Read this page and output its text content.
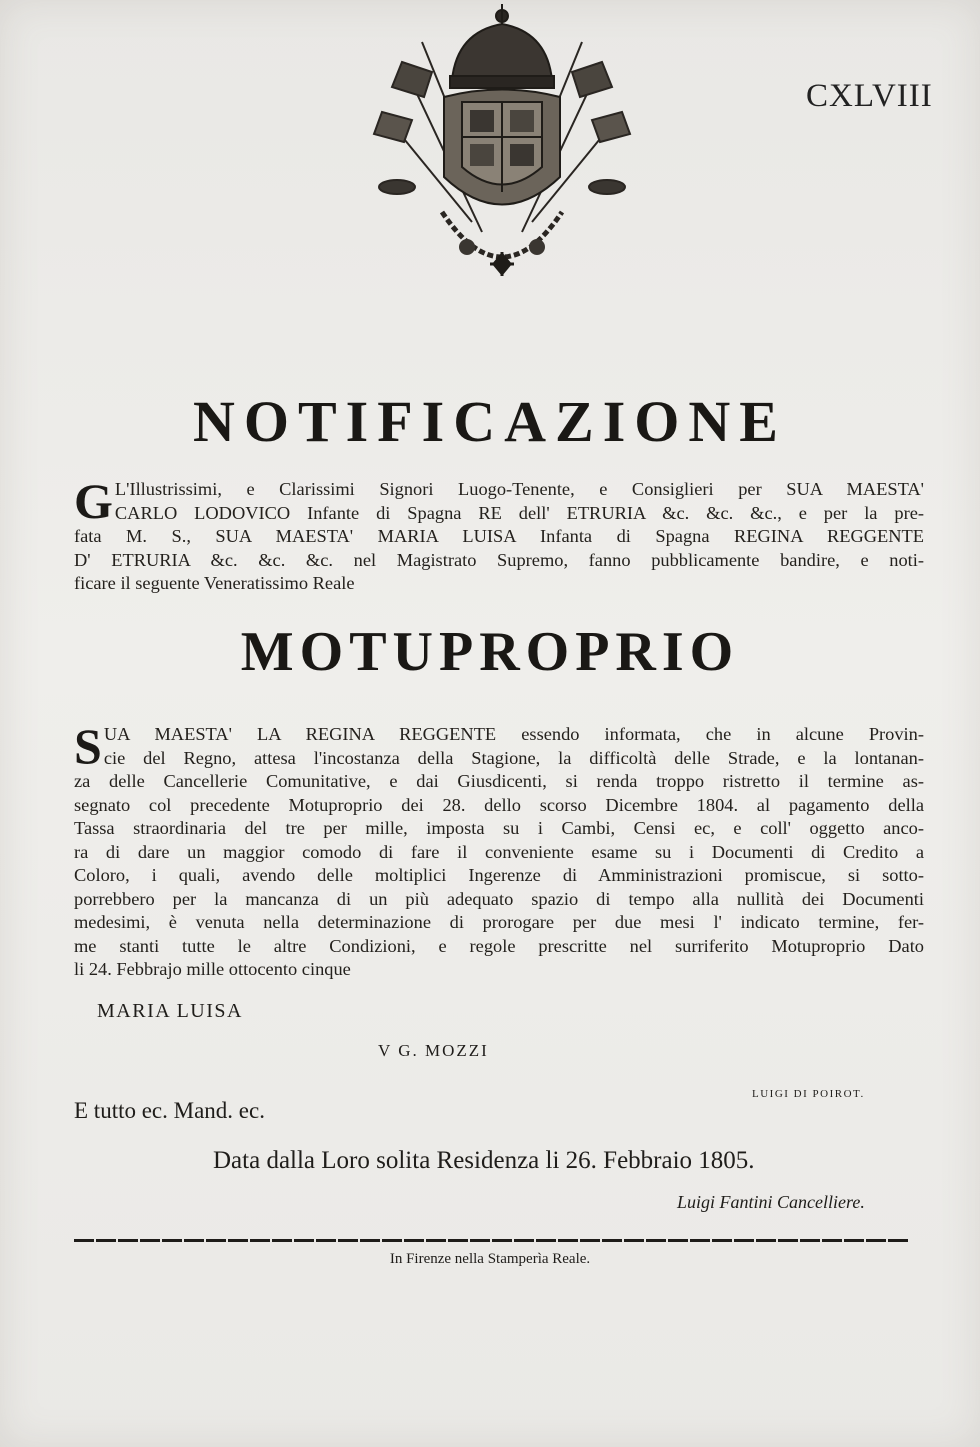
CXLVIII
NOTIFICAZIONE
G L'Illustrissimi, e Clarissimi Signori Luogo-Tenente, e Consiglieri per SUA MAESTA'
CARLO LODOVICO Infante di Spagna RE dell' ETRURIA &c. &c. &c., e per la pre-
fata M. S., SUA MAESTA' MARIA LUISA Infanta di Spagna REGINA REGGENTE
D' ETRURIA &c. &c. &c. nel Magistrato Supremo, fanno pubblicamente bandire, e noti-
ficare il seguente Veneratissimo Reale
MOTUPROPRIO
S UA MAESTA' LA REGINA REGGENTE essendo informata, che in alcune Provin-
cie del Regno, attesa l'incostanza della Stagione, la difficoltà delle Strade, e la lontanan-
za delle Cancellerie Comunitative, e dai Giusdicenti, si renda troppo ristretto il termine as-
segnato col precedente Motuproprio dei 28. dello scorso Dicembre 1804. al pagamento della
Tassa straordinaria del tre per mille, imposta su i Cambi, Censi ec, e coll' oggetto anco-
ra di dare un maggior comodo di fare il conveniente esame su i Documenti di Credito a
Coloro, i quali, avendo delle moltiplici Ingerenze di Amministrazioni promiscue, si sotto-
porrebbero per la mancanza di un più adequato spazio di tempo alla nullità dei Documenti
medesimi, è venuta nella determinazione di prorogare per due mesi l' indicato termine, fer-
me stanti tutte le altre Condizioni, e regole prescritte nel surriferito Motuproprio Dato
li 24. Febbrajo mille ottocento cinque
MARIA LUISA
V G. MOZZI
LUIGI DI POIROT.
E tutto ec. Mand. ec.
Data dalla Loro solita Residenza li 26. Febbraio 1805.
Luigi Fantini Cancelliere.
In Firenze nella Stamperìa Reale.
